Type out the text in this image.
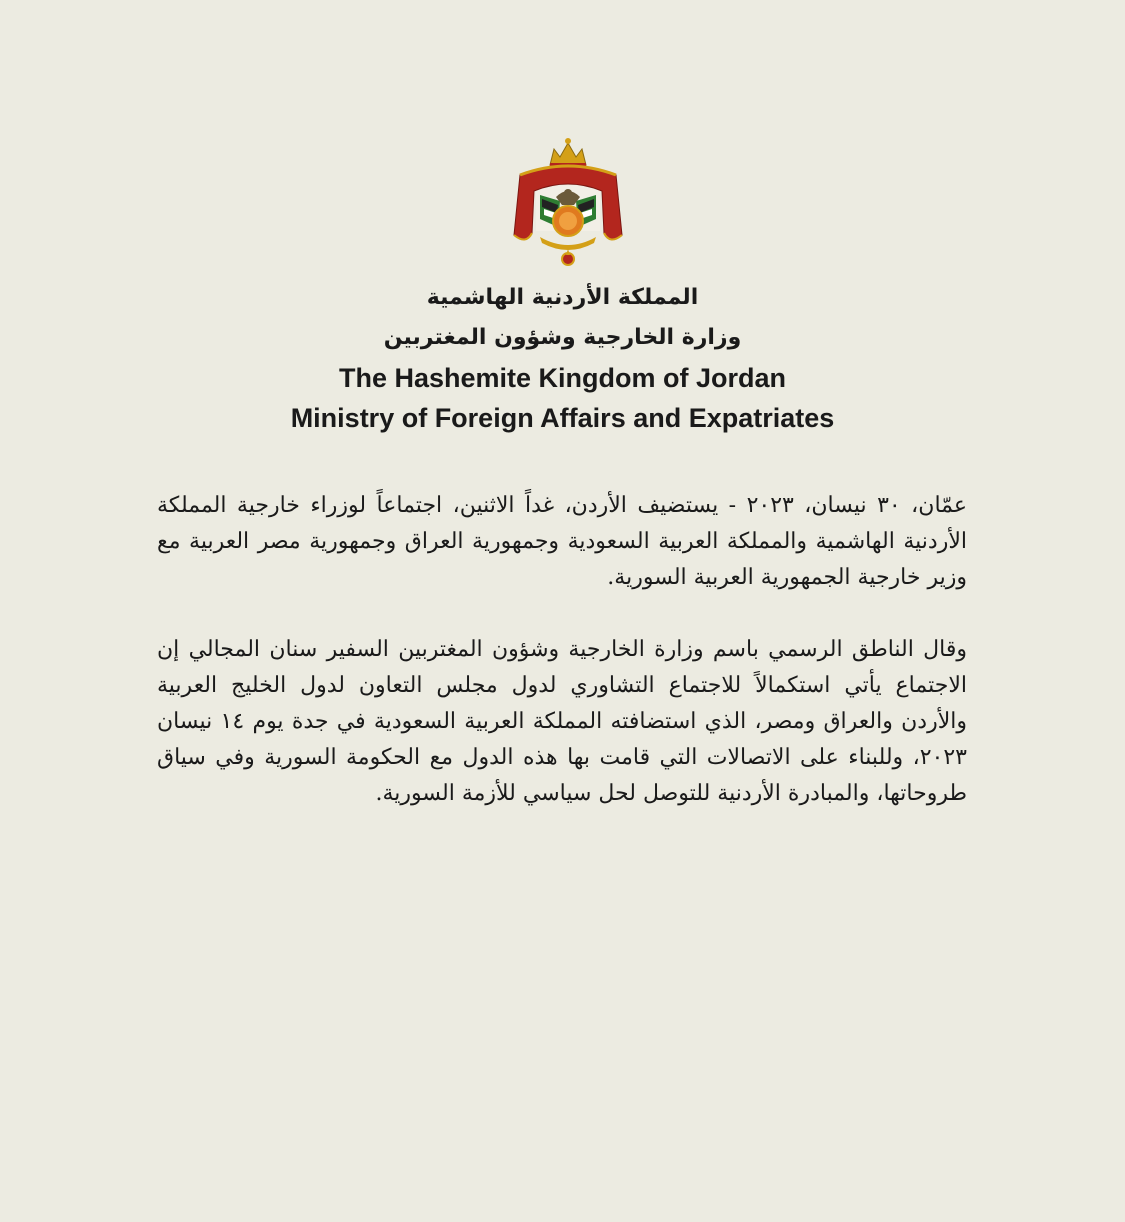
المملكة الأردنية الهاشمية
وزارة الخارجية وشؤون المغتربين
The Hashemite Kingdom of Jordan
Ministry of Foreign Affairs and Expatriates

عمّان، ٣٠ نيسان، ٢٠٢٣ - يستضيف الأردن، غداً الاثنين، اجتماعاً لوزراء خارجية المملكة الأردنية الهاشمية والمملكة العربية السعودية وجمهورية العراق وجمهورية مصر العربية مع وزير خارجية الجمهورية العربية السورية.

وقال الناطق الرسمي باسم وزارة الخارجية وشؤون المغتربين السفير سنان المجالي إن الاجتماع يأتي استكمالاً للاجتماع التشاوري لدول مجلس التعاون لدول الخليج العربية والأردن والعراق ومصر، الذي استضافته المملكة العربية السعودية في جدة يوم ١٤ نيسان ٢٠٢٣، وللبناء على الاتصالات التي قامت بها هذه الدول مع الحكومة السورية وفي سياق طروحاتها، والمبادرة الأردنية للتوصل لحل سياسي للأزمة السورية.
